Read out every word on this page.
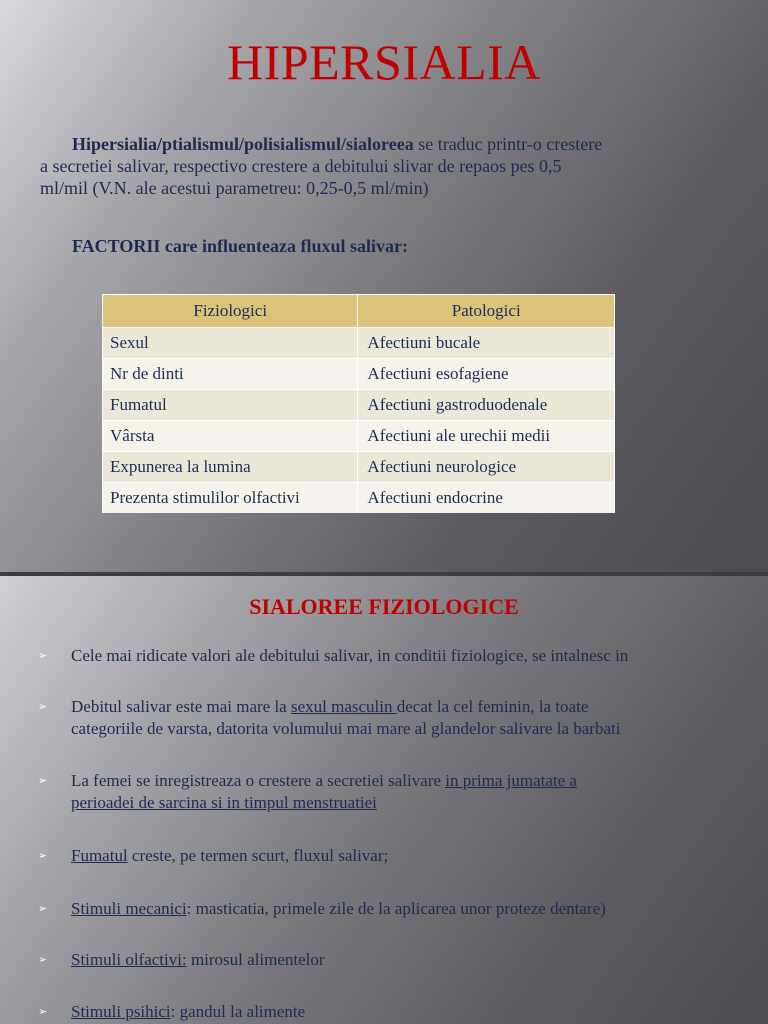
HIPERSIALIA
Hipersialia/ptialismul/polisialismul/sialoreea se traduc printr-o crestere
a secretiei salivar, respectivo crestere a debitului slivar de repaos pes 0,5
ml/mil (V.N. ale acestui parametreu: 0,25-0,5 ml/min)
FACTORII care influenteaza fluxul salivar:
Fiziologici	Patologici
Sexul	Afectiuni bucale
Nr de dinti	Afectiuni esofagiene
Fumatul	Afectiuni gastroduodenale
Vârsta	Afectiuni ale urechii medii
Expunerea la lumina	Afectiuni neurologice
Prezenta stimulilor olfactivi	Afectiuni endocrine
SIALOREE FIZIOLOGICE
➢ Cele mai ridicate valori ale debitului salivar, in conditii fiziologice, se intalnesc in
➢ Debitul salivar este mai mare la sexul masculin decat la cel feminin, la toate
categoriile de varsta, datorita volumului mai mare al glandelor salivare la barbati
➢ La femei se inregistreaza o crestere a secretiei salivare in prima jumatate a
perioadei de sarcina si in timpul menstruatiei
➢ Fumatul creste, pe termen scurt, fluxul salivar;
➢ Stimuli mecanici: masticatia, primele zile de la aplicarea unor proteze dentare)
➢ Stimuli olfactivi: mirosul alimentelor
➢ Stimuli psihici: gandul la alimente
